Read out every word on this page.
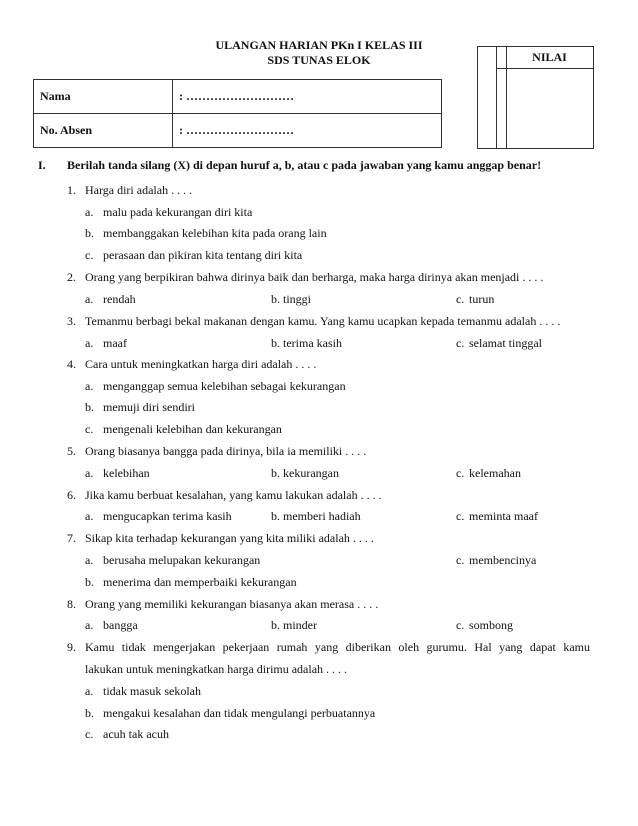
ULANGAN HARIAN PKn I KELAS III
SDS TUNAS ELOK
Nama	: ………………………
No. Absen	: ………………………
NILAI
I. Berilah tanda silang (X) di depan huruf a, b, atau c pada jawaban yang kamu anggap benar!
1. Harga diri adalah . . . .
a. malu pada kekurangan diri kita
b. membanggakan kelebihan kita pada orang lain
c. perasaan dan pikiran kita tentang diri kita
2. Orang yang berpikiran bahwa dirinya baik dan berharga, maka harga dirinya akan menjadi . . . .
a. rendah	b. tinggi	c. turun
3. Temanmu berbagi bekal makanan dengan kamu. Yang kamu ucapkan kepada temanmu adalah . . . .
a. maaf	b. terima kasih	c. selamat tinggal
4. Cara untuk meningkatkan harga diri adalah . . . .
a. menganggap semua kelebihan sebagai kekurangan
b. memuji diri sendiri
c. mengenali kelebihan dan kekurangan
5. Orang biasanya bangga pada dirinya, bila ia memiliki . . . .
a. kelebihan	b. kekurangan	c. kelemahan
6. Jika kamu berbuat kesalahan, yang kamu lakukan adalah . . . .
a. mengucapkan terima kasih	b. memberi hadiah	c. meminta maaf
7. Sikap kita terhadap kekurangan yang kita miliki adalah . . . .
a. berusaha melupakan kekurangan	c. membencinya
b. menerima dan memperbaiki kekurangan
8. Orang yang memiliki kekurangan biasanya akan merasa . . . .
a. bangga	b. minder	c. sombong
9. Kamu tidak mengerjakan pekerjaan rumah yang diberikan oleh gurumu. Hal yang dapat kamu
lakukan untuk meningkatkan harga dirimu adalah . . . .
a. tidak masuk sekolah
b. mengakui kesalahan dan tidak mengulangi perbuatannya
c. acuh tak acuh
